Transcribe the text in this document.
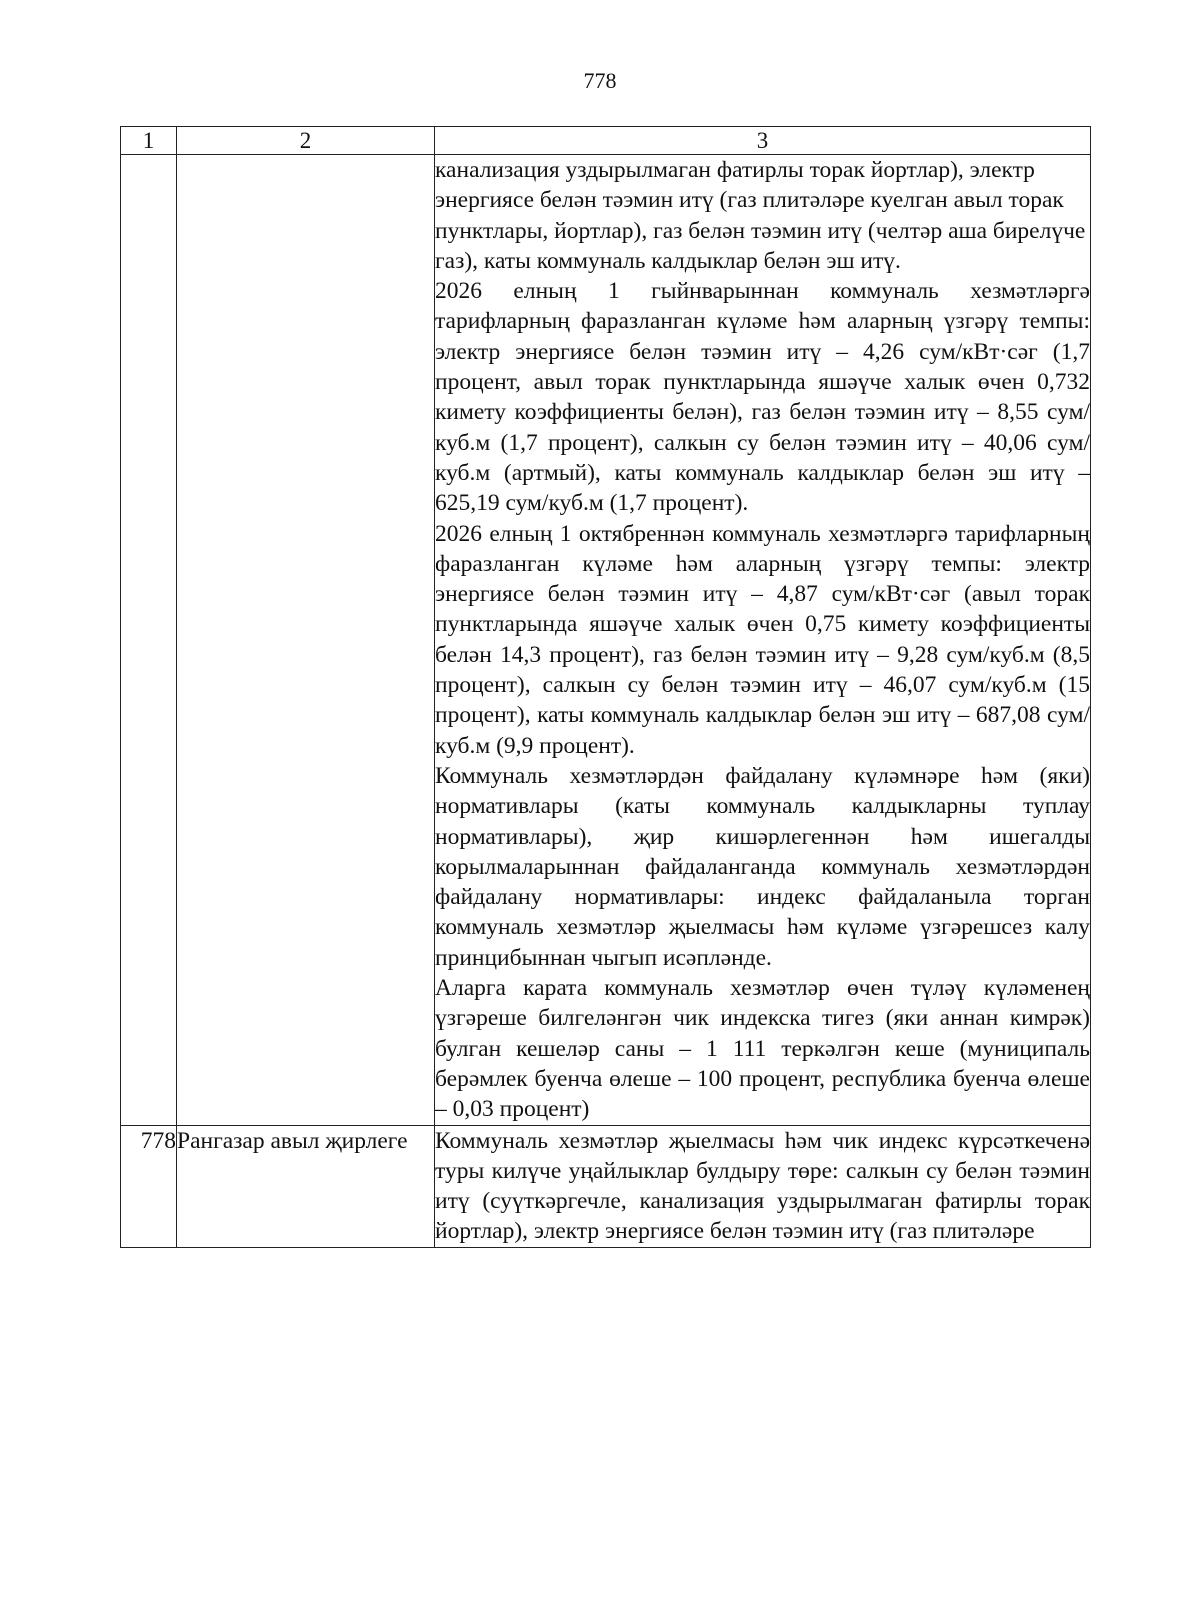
778
1	2	3

		канализация уздырылмаган фатирлы торак йортлар), электр энергиясе белән тәэмин итү (газ плитәләре куелган авыл торак пунктлары, йортлар), газ белән тәэмин итү (челтәр аша бирелүче газ), каты коммуналь калдыклар белән эш итү.

2026 елның 1 гыйнварыннан коммуналь хезмәтләргә тарифларның фаразланган күләме һәм аларның үзгәрү темпы: электр энергиясе белән тәэмин итү – 4,26 сум/кВт·сәг (1,7 процент, авыл торак пунктларында яшәүче халык өчен 0,732 кимету коэффициенты белән), газ белән тәэмин итү – 8,55 сум/куб.м (1,7 процент), салкын су белән тәэмин итү – 40,06 сум/куб.м (артмый), каты коммуналь калдыклар белән эш итү – 625,19 сум/куб.м (1,7 процент).

2026 елның 1 октябреннән коммуналь хезмәтләргә тарифларның фаразланган күләме һәм аларның үзгәрү темпы: электр энергиясе белән тәэмин итү – 4,87 сум/кВт·сәг (авыл торак пунктларында яшәүче халык өчен 0,75 кимету коэффициенты белән 14,3 процент), газ белән тәэмин итү – 9,28 сум/куб.м (8,5 процент), салкын су белән тәэмин итү – 46,07 сум/куб.м (15 процент), каты коммуналь калдыклар белән эш итү – 687,08 сум/куб.м (9,9 процент).

Коммуналь хезмәтләрдән файдалану күләмнәре һәм (яки) нормативлары (каты коммуналь калдыкларны туплау нормативлары), җир кишәрлегеннән һәм ишегалды корылмаларыннан файдаланганда коммуналь хезмәтләрдән файдалану нормативлары: индекс файдаланыла торган коммуналь хезмәтләр җыелмасы һәм күләме үзгәрешсез калу принцибыннан чыгып исәпләнде.

Аларга карата коммуналь хезмәтләр өчен түләү күләменең үзгәреше билгеләнгән чик индекска тигез (яки аннан кимрәк) булган кешеләр саны – 1 111 теркәлгән кеше (муниципаль берәмлек буенча өлеше – 100 процент, республика буенча өлеше – 0,03 процент)

778	Рангазар авыл җирлеге	Коммуналь хезмәтләр җыелмасы һәм чик индекс күрсәткеченә туры килүче уңайлыклар булдыру төре: салкын су белән тәэмин итү (суүткәргечле, канализация уздырылмаган фатирлы торак йортлар), электр энергиясе белән тәэмин итү (газ плитәләре
